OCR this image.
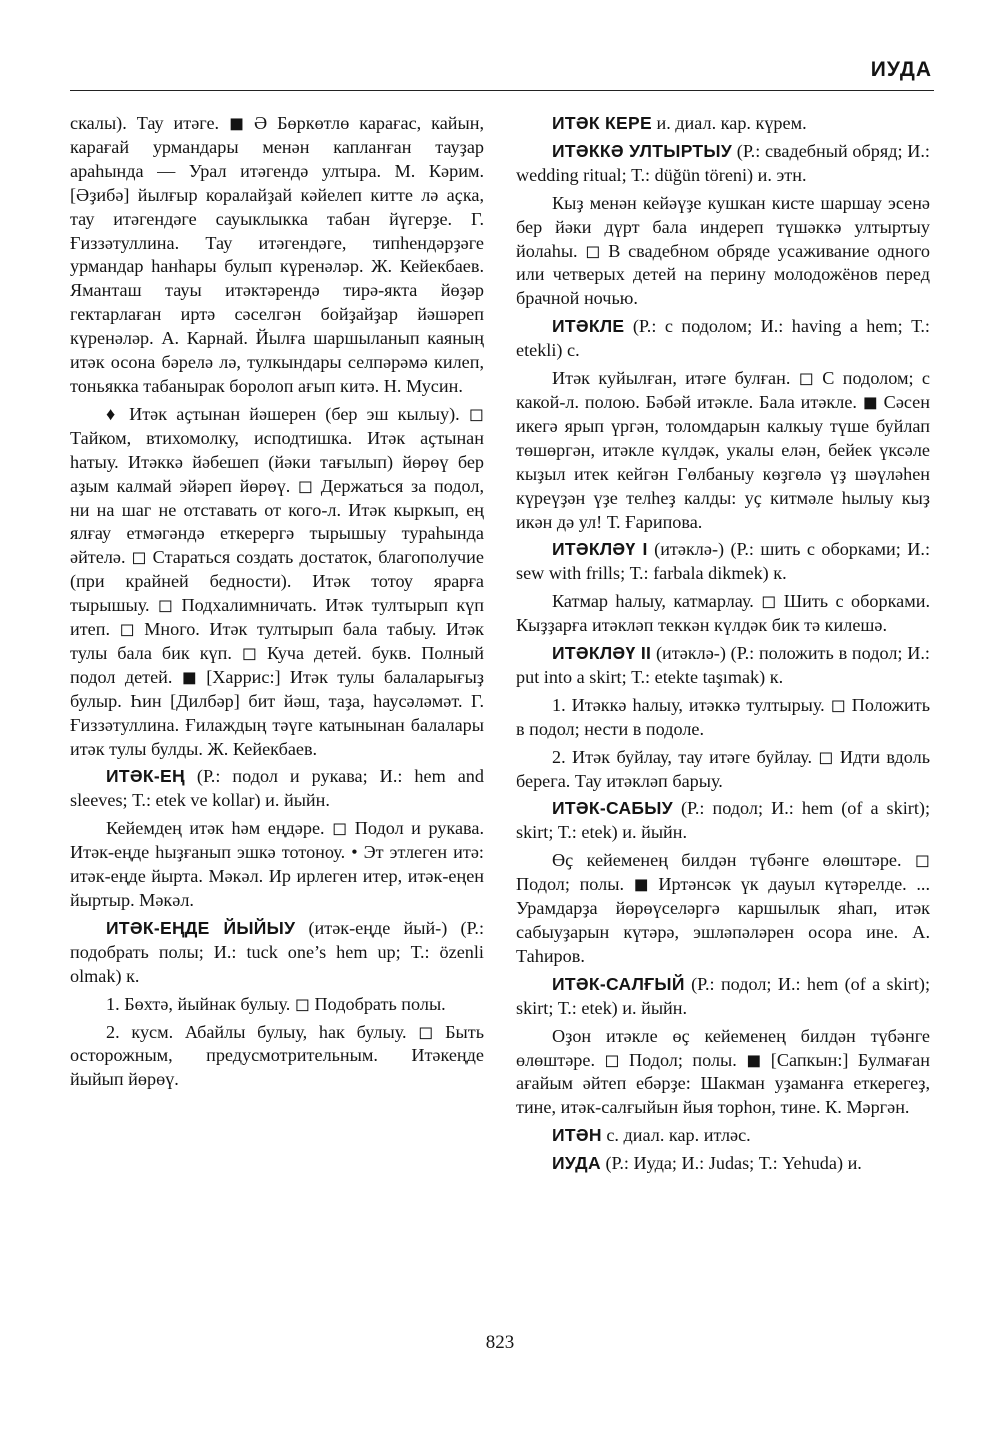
ИУДА

скалы). Тау итәге. ◼ Ә Бөркөтлө карағас, кайын, карағай урмандары менән капланған тауҙар араһында — Урал итәгендә ултыра. М. Кәрим. [Әҙибә] йылғыр коралайҙай кәйелеп китте лә аҫка, тау итәгендәге сауыклыкка табан йүгерҙе. Г. Ғиззәтуллина. Тау итәгендәге, типһендәрҙәге урмандар һанһары булып күренәләр. Ж. Кейекбаев. Яманташ тауы итәктәрендә тирә-якта йөҙәр гектарлаған иртә сәселгән бойҙайҙар йәшәреп күренәләр. А. Карнай. Йылға шаршыланып каяның итәк осона бәрелә лә, тулкындары селпәрәмә килеп, тоньякка табанырак боролоп ағып китә. Н. Мусин.

♦ Итәк аҫтынан йәшерен (бер эш кылыу). ◻ Тайком, втихомолку, исподтишка. Итәк аҫтынан һатыу. Итәккә йәбешеп (йәки тағылып) йөрөү бер аҙым калмай эйәреп йөрөү. ◻ Держаться за подол, ни на шаг не отставать от кого-л. Итәк кыркып, ең ялғау етмәгәндә еткерергә тырышыу тураһында әйтелә. ◻ Стараться создать достаток, благополучие (при крайней бедности). Итәк тотоу ярарға тырышыу. ◻ Подхалимничать. Итәк тултырып күп итеп. ◻ Много. Итәк тултырып бала табыу. Итәк тулы бала бик күп. ◻ Куча детей. букв. Полный подол детей. ◼ [Харрис:] Итәк тулы балаларығыҙ булыр. Һин [Дилбәр] бит йәш, таҙа, һаусәләмәт. Г. Ғиззәтуллина. Ғилаждың тәүге катынынан балалары итәк тулы булды. Ж. Кейекбаев.

ИТӘК-ЕҢ (Р.: подол и рукава; И.: hem and sleeves; Т.: etek ve kollar) и. йыйн.

Кейемдең итәк һәм еңдәре. ◻ Подол и рукава. Итәк-еңде һыҙғанып эшкә тотоноу. • Эт этлеген итә: итәк-еңде йырта. Мәкәл. Ир ирлеген итер, итәк-еңен йыртыр. Мәкәл.

ИТӘК-ЕҢДЕ ЙЫЙЫУ (итәк-еңде йый-) (Р.: подобрать полы; И.: tuck one’s hem up; Т.: özenli olmak) к.

1. Бөхтә, йыйнак булыу. ◻ Подобрать полы.

2. кусм. Абайлы булыу, һак булыу. ◻ Быть осторожным, предусмотрительным. Итәкеңде йыйып йөрөү.

ИТӘК КЕРЕ и. диал. кар. күрем.

ИТӘККӘ УЛТЫРТЫУ (Р.: свадебный обряд; И.: wedding ritual; Т.: düğün töreni) и. этн.

Кыҙ менән кейәүҙе кушкан кисте шаршау эсенә бер йәки дүрт бала индереп түшәккә ултыртыу йолаһы. ◻ В свадебном обряде усаживание одного или четверых детей на перину молодожёнов перед брачной ночью.

ИТӘКЛЕ (Р.: с подолом; И.: having a hem; Т.: etekli) с.

Итәк куйылған, итәге булған. ◻ С подолом; с какой-л. полою. Бәбәй итәкле. Бала итәкле. ◼ Сәсен икегә ярып үргән, толомдарын калкыу түше буйлап төшөргән, итәкле күлдәк, укалы елән, бейек үксәле кыҙыл итек кейгән Гөлбаныу көҙгөлә үҙ шәүләһен күреүҙән үҙе телһеҙ калды: уҫ китмәле һылыу кыҙ икән дә ул! Т. Ғарипова.

ИТӘКЛӘҮ I (итәклә-) (Р.: шить с оборками; И.: sew with frills; Т.: farbala dikmek) к.

Катмар һалыу, катмарлау. ◻ Шить с оборками. Кыҙҙарға итәкләп теккән күлдәк бик тә килешә.

ИТӘКЛӘҮ II (итәклә-) (Р.: положить в подол; И.: put into a skirt; Т.: etekte taşımak) к.

1. Итәккә һалыу, итәккә тултырыу. ◻ Положить в подол; нести в подоле.

2. Итәк буйлау, тау итәге буйлау. ◻ Идти вдоль берега. Тау итәкләп барыу.

ИТӘК-САБЫУ (Р.: подол; И.: hem (of a skirt); skirt; Т.: etek) и. йыйн.

Өҫ кейеменең билдән түбәнге өлөштәре. ◻ Подол; полы. ◼ Иртәнсәк үк дауыл күтәрелде. ... Урамдарҙа йөрөүселәргә каршылык яһап, итәк сабыуҙарын күтәрә, эшләпәләрен осора ине. А. Таһиров.

ИТӘК-САЛҒЫЙ (Р.: подол; И.: hem (of a skirt); skirt; Т.: etek) и. йыйн.

Оҙон итәкле өҫ кейеменең билдән түбәнге өлөштәре. ◻ Подол; полы. ◼ [Сапкын:] Булмаған ағайым әйтеп ебәрҙе: Шакман уҙаманға еткерегеҙ, тине, итәк-салғыйын йыя торһон, тине. К. Мәргән.

ИТӘН с. диал. кар. итләс.

ИУДА (Р.: Иуда; И.: Judas; Т.: Yehuda) и.

823
